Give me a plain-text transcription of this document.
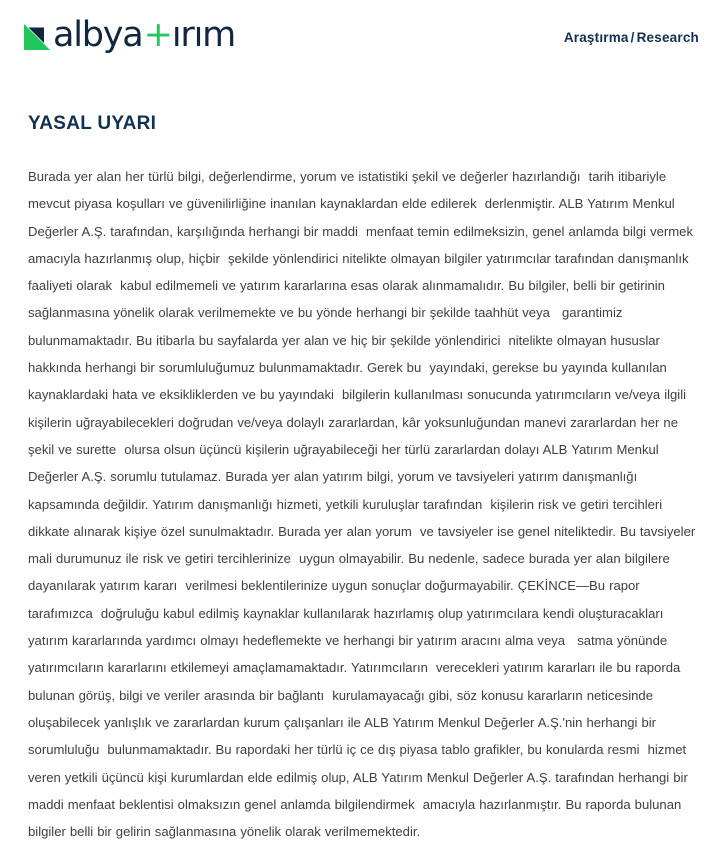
albya+ırım	Araştırma / Research
YASAL UYARI
Burada yer alan her türlü bilgi, değerlendirme, yorum ve istatistiki şekil ve değerler hazırlandığı  tarih itibariyle mevcut piyasa koşulları ve güvenilirliğine inanılan kaynaklardan elde edilerek  derlenmiştir. ALB Yatırım Menkul Değerler A.Ş. tarafından, karşılığında herhangi bir maddi  menfaat temin edilmeksizin, genel anlamda bilgi vermek amacıyla hazırlanmış olup, hiçbir  şekilde yönlendirici nitelikte olmayan bilgiler yatırımcılar tarafından danışmanlık faaliyeti olarak  kabul edilmemeli ve yatırım kararlarına esas olarak alınmamalıdır. Bu bilgiler, belli bir getirinin  sağlanmasına yönelik olarak verilmemekte ve bu yönde herhangi bir şekilde taahhüt veya   garantimiz bulunmamaktadır. Bu itibarla bu sayfalarda yer alan ve hiç bir şekilde yönlendirici  nitelikte olmayan hususlar hakkında herhangi bir sorumluluğumuz bulunmamaktadır. Gerek bu  yayındaki, gerekse bu yayında kullanılan kaynaklardaki hata ve eksikliklerden ve bu yayındaki  bilgilerin kullanılması sonucunda yatırımcıların ve/veya ilgili kişilerin uğrayabilecekleri doğrudan ve/veya dolaylı zararlardan, kâr yoksunluğundan manevi zararlardan her ne şekil ve surette  olursa olsun üçüncü kişilerin uğrayabileceği her türlü zararlardan dolayı ALB Yatırım Menkul  Değerler A.Ş. sorumlu tutulamaz. Burada yer alan yatırım bilgi, yorum ve tavsiyeleri yatırım danışmanlığı kapsamında değildir. Yatırım danışmanlığı hizmeti, yetkili kuruluşlar tarafından  kişilerin risk ve getiri tercihleri dikkate alınarak kişiye özel sunulmaktadır. Burada yer alan yorum  ve tavsiyeler ise genel niteliktedir. Bu tavsiyeler mali durumunuz ile risk ve getiri tercihlerinize  uygun olmayabilir. Bu nedenle, sadece burada yer alan bilgilere dayanılarak yatırım kararı  verilmesi beklentilerinize uygun sonuçlar doğurmayabilir. ÇEKİNCE—Bu rapor tarafımızca  doğruluğu kabul edilmiş kaynaklar kullanılarak hazırlamış olup yatırımcılara kendi oluşturacakları yatırım kararlarında yardımcı olmayı hedeflemekte ve herhangi bir yatırım aracını alma veya   satma yönünde yatırımcıların kararlarını etkilemeyi amaçlamamaktadır. Yatırımcıların  verecekleri yatırım kararları ile bu raporda bulunan görüş, bilgi ve veriler arasında bir bağlantı  kurulamayacağı gibi, söz konusu kararların neticesinde oluşabilecek yanlışlık ve zararlardan kurum çalışanları ile ALB Yatırım Menkul Değerler A.Ş.'nin herhangi bir sorumluluğu  bulunmamaktadır. Bu rapordaki her türlü iç ce dış piyasa tablo grafikler, bu konularda resmi  hizmet veren yetkili üçüncü kişi kurumlardan elde edilmiş olup, ALB Yatırım Menkul Değerler A.Ş. tarafından herhangi bir maddi menfaat beklentisi olmaksızın genel anlamda bilgilendirmek  amacıyla hazırlanmıştır. Bu raporda bulunan bilgiler belli bir gelirin sağlanmasına yönelik olarak verilmemektedir.
